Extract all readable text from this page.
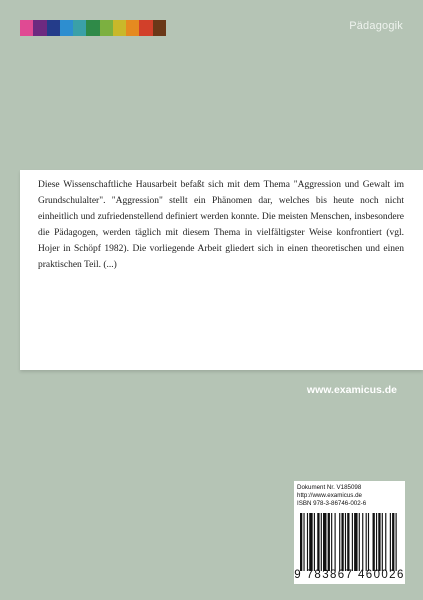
Pädagogik

Diese Wissenschaftliche Hausarbeit befaßt sich mit dem Thema "Aggression und Gewalt im Grundschulalter". "Aggression" stellt ein Phänomen dar, welches bis heute noch nicht einheitlich und zufriedenstellend definiert werden konnte. Die meisten Menschen, insbesondere die Pädagogen, werden täglich mit diesem Thema in vielfältigster Weise konfrontiert (vgl. Hojer in Schöpf 1982). Die vorliegende Arbeit gliedert sich in einen theoretischen und einen praktischen Teil. (...)

www.examicus.de
Dokument Nr. V185098
http://www.examicus.de
ISBN 978-3-86746-002-6
9 783867 460026
